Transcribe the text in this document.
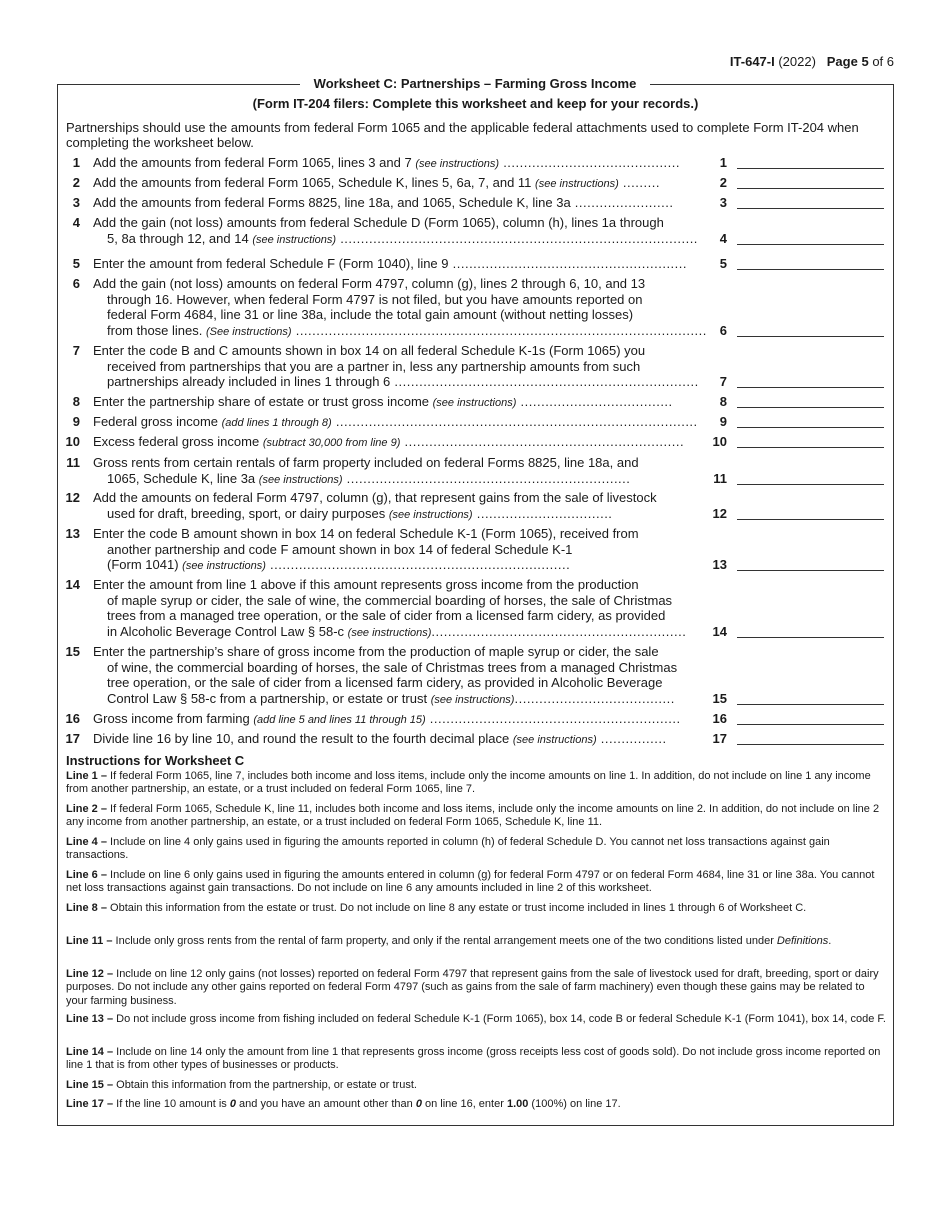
IT-647-I (2022) Page 5 of 6
Worksheet C: Partnerships – Farming Gross Income
(Form IT-204 filers: Complete this worksheet and keep for your records.)
Partnerships should use the amounts from federal Form 1065 and the applicable federal attachments used to complete Form IT-204 when completing the worksheet below.
1 Add the amounts from federal Form 1065, lines 3 and 7 (see instructions) ...........................................	1
2 Add the amounts from federal Form 1065, Schedule K, lines 5, 6a, 7, and 11 (see instructions) .........	2
3 Add the amounts from federal Forms 8825, line 18a, and 1065, Schedule K, line 3a ........................	3
4 Add the gain (not loss) amounts from federal Schedule D (Form 1065), column (h), lines 1a through
5, 8a through 12, and 14 (see instructions) .......................................................................................	4
5 Enter the amount from federal Schedule F (Form 1040), line 9 .........................................................	5
6 Add the gain (not loss) amounts on federal Form 4797, column (g), lines 2 through 6, 10, and 13
through 16. However, when federal Form 4797 is not filed, but you have amounts reported on
federal Form 4684, line 31 or line 38a, include the total gain amount (without netting losses)
from those lines. (See instructions) .................................................................................................... 6
7 Enter the code B and C amounts shown in box 14 on all federal Schedule K-1s (Form 1065) you
received from partnerships that you are a partner in, less any partnership amounts from such
partnerships already included in lines 1 through 6 ..........................................................................	7
8 Enter the partnership share of estate or trust gross income (see instructions) .....................................	8
9 Federal gross income (add lines 1 through 8) ........................................................................................	9
10 Excess federal gross income (subtract 30,000 from line 9) ....................................................................	10
11 Gross rents from certain rentals of farm property included on federal Forms 8825, line 18a, and
1065, Schedule K, line 3a (see instructions) .....................................................................	11
12 Add the amounts on federal Form 4797, column (g), that represent gains from the sale of livestock
used for draft, breeding, sport, or dairy purposes (see instructions) .................................	12
13 Enter the code B amount shown in box 14 on federal Schedule K-1 (Form 1065), received from
another partnership and code F amount shown in box 14 of federal Schedule K-1
(Form 1041) (see instructions) .........................................................................	13
14 Enter the amount from line 1 above if this amount represents gross income from the production
of maple syrup or cider, the sale of wine, the commercial boarding of horses, the sale of Christmas
trees from a managed tree operation, or the sale of cider from a licensed farm cidery, as provided
in Alcoholic Beverage Control Law § 58-c (see instructions)..............................................................	14
15 Enter the partnership’s share of gross income from the production of maple syrup or cider, the sale
of wine, the commercial boarding of horses, the sale of Christmas trees from a managed Christmas
tree operation, or the sale of cider from a licensed farm cidery, as provided in Alcoholic Beverage
Control Law § 58-c from a partnership, or estate or trust (see instructions).......................................	15
16 Gross income from farming (add line 5 and lines 11 through 15) .............................................................	16
17 Divide line 16 by line 10, and round the result to the fourth decimal place (see instructions) ................	17
Instructions for Worksheet C
Line 1 – If federal Form 1065, line 7, includes both income and loss items, include only the income amounts on line 1. In addition, do not include on line 1 any income from another partnership, an estate, or a trust included on federal Form 1065, line 7.
Line 2 – If federal Form 1065, Schedule K, line 11, includes both income and loss items, include only the income amounts on line 2. In addition, do not include on line 2 any income from another partnership, an estate, or a trust included on federal Form 1065, Schedule K, line 11.
Line 4 – Include on line 4 only gains used in figuring the amounts reported in column (h) of federal Schedule D. You cannot net loss transactions against gain transactions.
Line 6 – Include on line 6 only gains used in figuring the amounts entered in column (g) for federal Form 4797 or on federal Form 4684, line 31 or line 38a. You cannot net loss transactions against gain transactions. Do not include on line 6 any amounts included in line 2 of this worksheet.
Line 8 – Obtain this information from the estate or trust. Do not include on line 8 any estate or trust income included in lines 1 through 6 of Worksheet C.
Line 11 – Include only gross rents from the rental of farm property, and only if the rental arrangement meets one of the two conditions listed under Definitions.
Line 12 – Include on line 12 only gains (not losses) reported on federal Form 4797 that represent gains from the sale of livestock used for draft, breeding, sport or dairy purposes. Do not include any other gains reported on federal Form 4797 (such as gains from the sale of farm machinery) even though these gains may be related to your farming business.
Line 13 – Do not include gross income from fishing included on federal Schedule K-1 (Form 1065), box 14, code B or federal Schedule K-1 (Form 1041), box 14, code F.
Line 14 – Include on line 14 only the amount from line 1 that represents gross income (gross receipts less cost of goods sold). Do not include gross income reported on line 1 that is from other types of businesses or products.
Line 15 – Obtain this information from the partnership, or estate or trust.
Line 17 – If the line 10 amount is 0 and you have an amount other than 0 on line 16, enter 1.00 (100%) on line 17.
